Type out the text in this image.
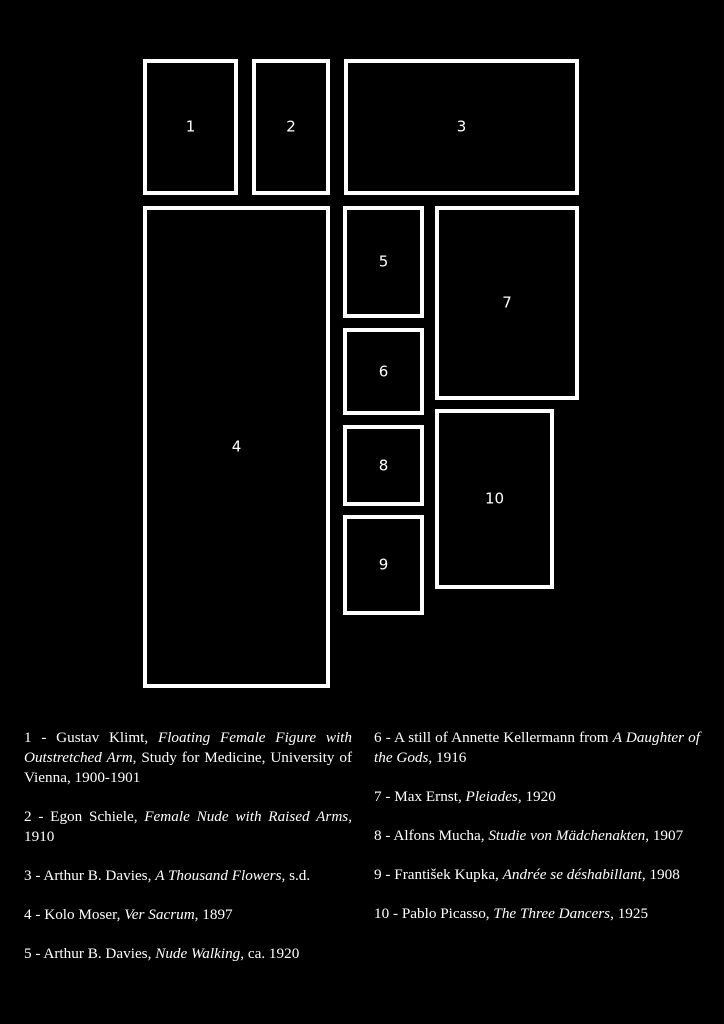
1	2	3
4
5
6
7
8
9
10

1 - Gustav Klimt, Floating Female Figure with Outstretched Arm, Study for Medicine, University of Vienna, 1900-1901

2 - Egon Schiele, Female Nude with Raised Arms, 1910

3 - Arthur B. Davies, A Thousand Flowers, s.d.

4 - Kolo Moser, Ver Sacrum, 1897

5 - Arthur B. Davies, Nude Walking, ca. 1920

6 - A still of Annette Kellermann from A Daughter of the Gods, 1916

7 - Max Ernst, Pleiades, 1920

8 - Alfons Mucha, Studie von Mädchenakten, 1907

9 - František Kupka, Andrée se déshabillant, 1908

10 - Pablo Picasso, The Three Dancers, 1925
